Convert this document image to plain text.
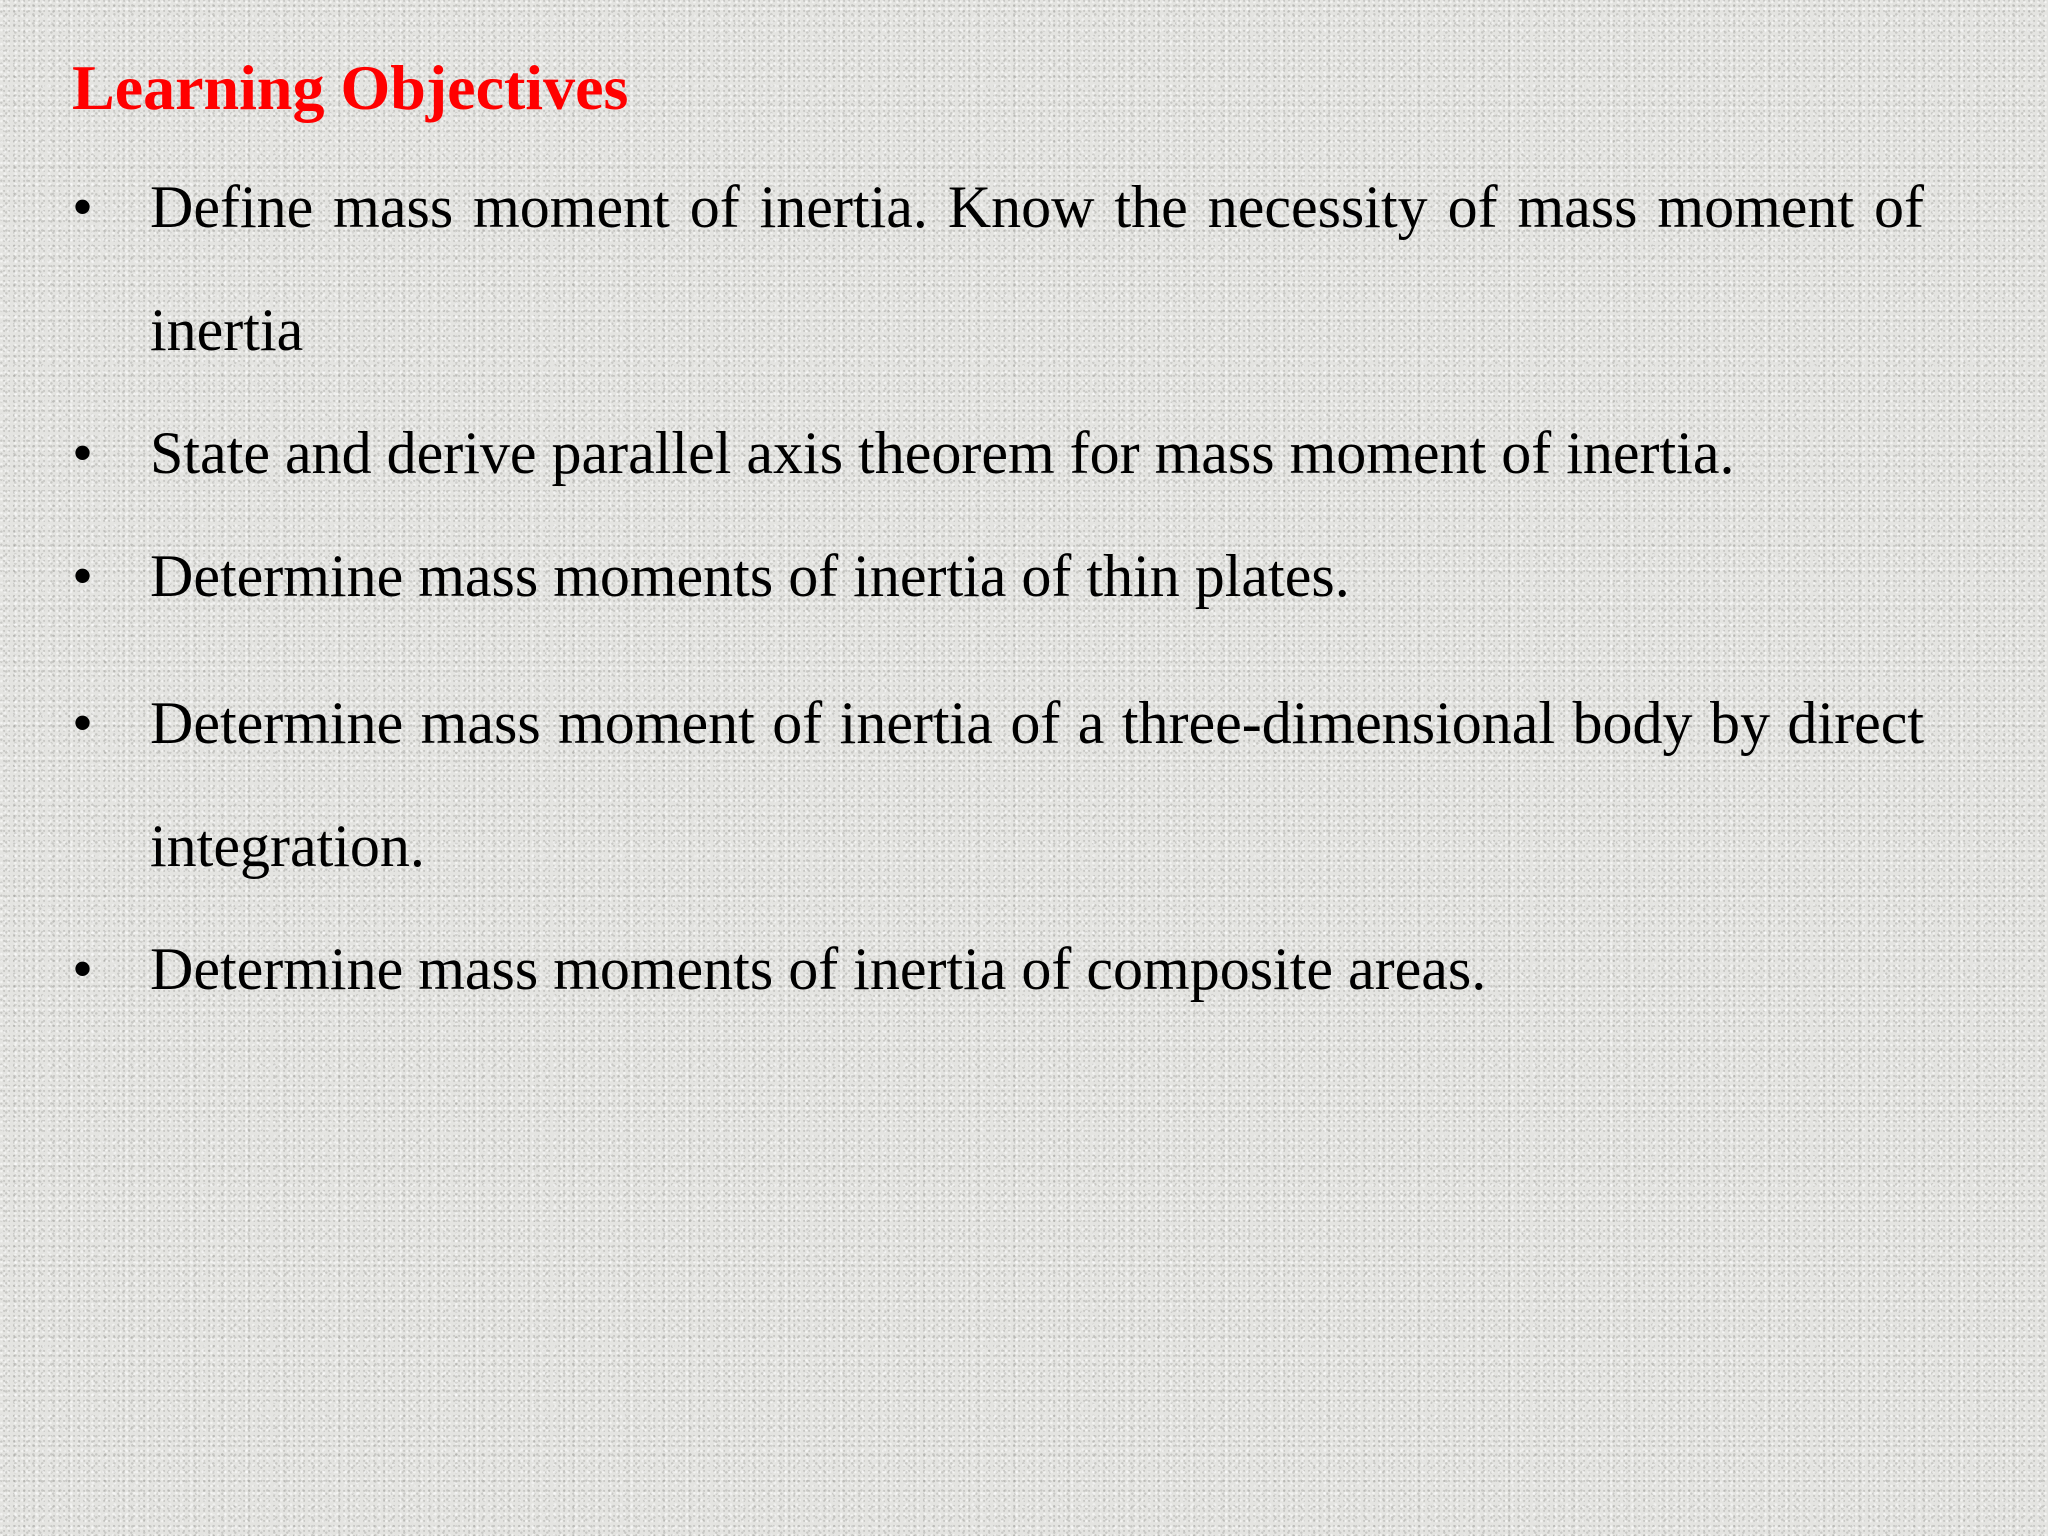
Learning Objectives
• Define mass moment of inertia. Know the necessity of mass moment of inertia
• State and derive parallel axis theorem for mass moment of inertia.
• Determine mass moments of inertia of thin plates.
• Determine mass moment of inertia of a three-dimensional body by direct integration.
• Determine mass moments of inertia of composite areas.
